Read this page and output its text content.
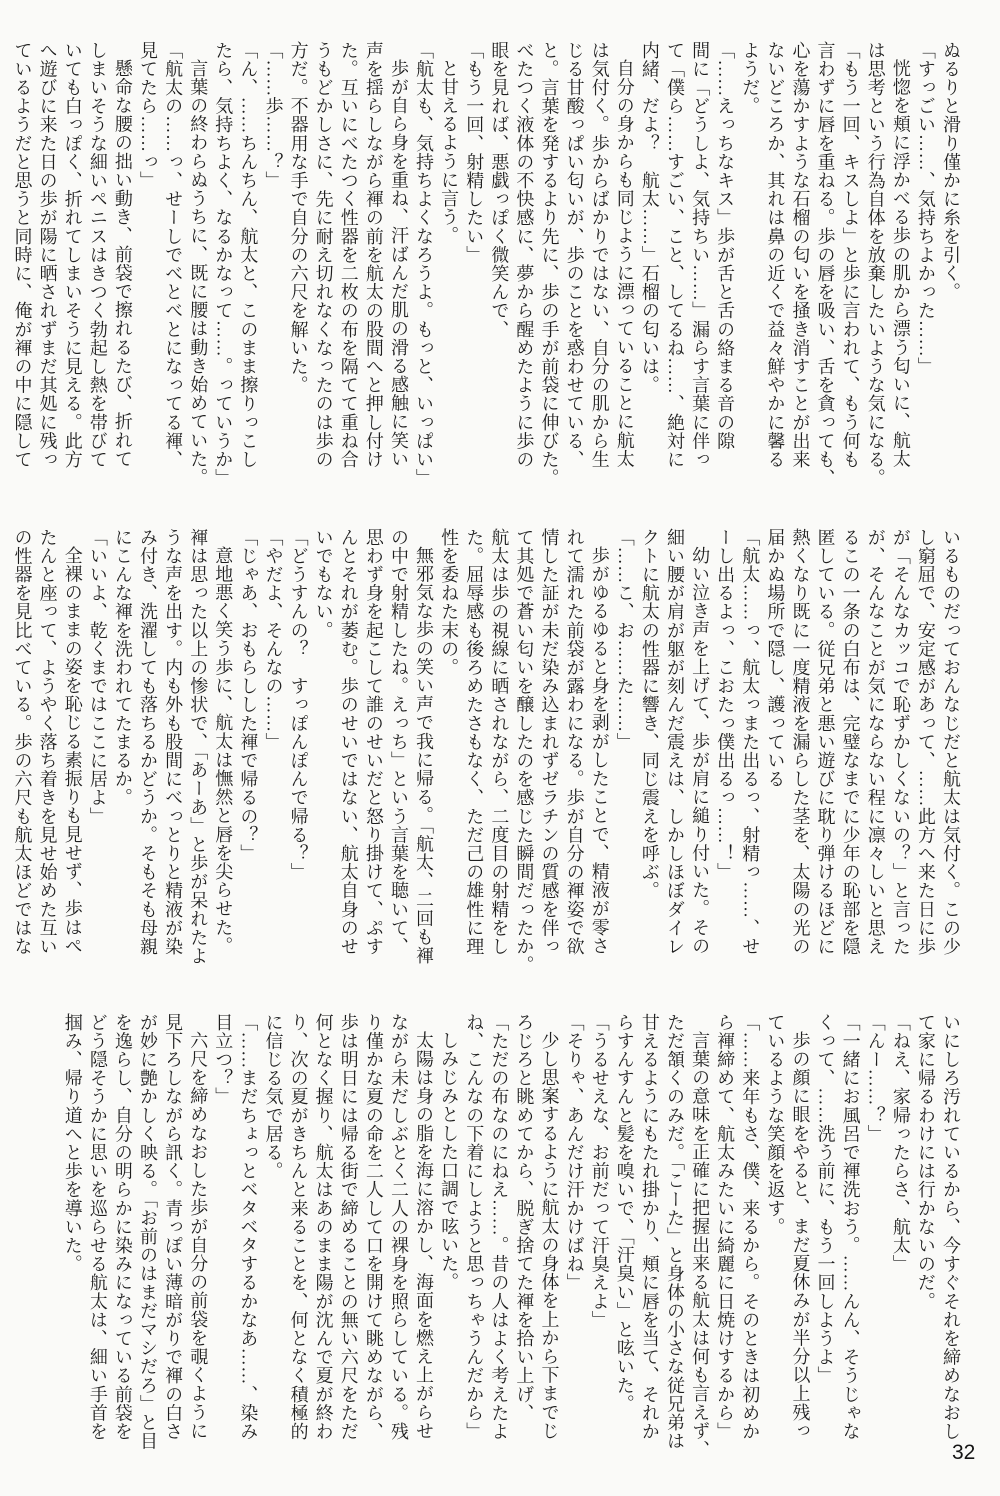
ぬるりと滑り僅かに糸を引く。

「すっごい……、気持ちよかった……」

恍惚を頬に浮かべる歩の肌から漂う匂いに、航太

は思考という行為自体を放棄したいような気になる。

「もう一回、キスしよ」と歩に言われて、もう何も

言わずに唇を重ねる。歩の唇を吸い、舌を貪っても、

心を蕩かすような石榴の匂いを掻き消すことが出来

ないどころか、其れは鼻の近くで益々鮮やかに馨る

ようだ。

「……えっちなキス」歩が舌と舌の絡まる音の隙

間に「どうしよ、気持ちい……」漏らす言葉に伴っ

て「僕ら……すごい、こと、してるね……、絶対に

内緒、だよ？　航太……」石榴の匂いは。

自分の身からも同じように漂っていることに航太

は気付く。歩からばかりではない、自分の肌から生

じる甘酸っぱい匂いが、歩のことを惑わせている、

と。言葉を発するより先に、歩の手が前袋に伸びた。

べたつく液体の不快感に、夢から醒めたように歩の

眼を見れば、悪戯っぽく微笑んで、

「もう一回、射精したい」

と甘えるように言う。

「航太も、気持ちよくなろうよ。もっと、いっぱい」

歩が自ら身を重ね、汗ばんだ肌の滑る感触に笑い

声を揺らしながら褌の前を航太の股間へと押し付け

た。互いにべたつく性器を二枚の布を隔てて重ね合

うもどかしさに、先に耐え切れなくなったのは歩の

方だ。不器用な手で自分の六尺を解いた。

「……歩……？」

「ん、……ちんちん、航太と、このまま擦りっこし

たら、気持ちよく、なるかなって……。っていうか」

言葉の終わらぬうちに、既に腰は動き始めていた。

「航太の……っ、せーしでべとべとになってる褌、

見てたら……っ」

懸命な腰の拙い動き、前袋で擦れるたび、折れて

しまいそうな細いペニスはきつく勃起し熱を帯びて

いても白っぽく、折れてしまいそうに見える。此方

へ遊びに来た日の歩が陽に晒されずまだ其処に残っ

ているようだと思うと同時に、俺が褌の中に隠して

いるものだっておんなじだと航太は気付く。この少

し窮屈で、安定感があって、……此方へ来た日に歩

が「そんなカッコで恥ずかしくないの？」と言った

が、そんなことが気にならない程に凛々しいと思え

るこの一条の白布は、完璧なまでに少年の恥部を隠

匿している。従兄弟と悪い遊びに耽り弾けるほどに

熱くなり既に一度精液を漏らした茎を、太陽の光の

届かぬ場所で隠し、護っている

「航太……っ、航太っまた出るっ、射精っ……、せ

ーし出るよっ、こおたっ僕出るっ……！」

幼い泣き声を上げて、歩が肩に縋り付いた。その

細い腰が肩が躯が刻んだ震えは、しかしほぼダイレ

クトに航太の性器に響き、同じ震えを呼ぶ。

「……こ、お……た……」

歩がゆるゆると身を剥がしたことで、精液が零さ

れて濡れた前袋が露わになる。歩が自分の褌姿で欲

情した証が未だ染み込まれずゼラチンの質感を伴っ

て其処で蒼い匂いを醸したのを感じた瞬間だったか。

航太は歩の視線に晒されながら、二度目の射精をし

た。屈辱感も後ろめたさもなく、ただ己の雄性に理

性を委ねた末の。

無邪気な歩の笑い声で我に帰る。「航太、二回も褌

の中で射精したね。えっち」という言葉を聴いて、

思わず身を起こして誰のせいだと怒り掛けて、ぷす

んとそれが萎む。歩のせいではない、航太自身のせ

いでもない。

「どうすんの？　すっぽんぽんで帰る？」

「やだよ、そんなの……」

「じゃあ、おもらしした褌で帰るの？」

意地悪く笑う歩に、航太は憮然と唇を尖らせた。

褌は思った以上の惨状で、「あーあ」と歩が呆れたよ

うな声を出す。内も外も股間にべっとりと精液が染

み付き、洗濯しても落ちるかどうか。そもそも母親

にこんな褌を洗われてたまるか。

「いいよ、乾くまではここに居よ」

全裸のままの姿を恥じる素振りも見せず、歩はぺ

たんと座って、ようやく落ち着きを見せ始めた互い

の性器を見比べている。歩の六尺も航太ほどではな

いにしろ汚れているから、今すぐそれを締めなおし

て家に帰るわけには行かないのだ。

「ねえ、家帰ったらさ、航太」

「んー……？」

「一緒にお風呂で褌洗おう。……んん、そうじゃな

くって、……洗う前に、もう一回しようよ」

歩の顔に眼をやると、まだ夏休みが半分以上残っ

ているような笑顔を返す。

「……来年もさ、僕、来るから。そのときは初めか

ら褌締めて、航太みたいに綺麗に日焼けするから」

言葉の意味を正確に把握出来る航太は何も言えず、

ただ頷くのみだ。「こーた」と身体の小さな従兄弟は

甘えるようにもたれ掛かり、頬に唇を当て、それか

らすんすんと髪を嗅いで、「汗臭い」と呟いた。

「うるせえな、お前だって汗臭えよ」

「そりゃ、あんだけ汗かけばね」

少し思案するように航太の身体を上から下までじ

ろじろと眺めてから、脱ぎ捨てた褌を拾い上げ、

「ただの布なのにねえ……。昔の人はよく考えたよ

ね、こんなの下着にしようと思っちゃうんだから」

しみじみとした口調で呟いた。

太陽は身の脂を海に溶かし、海面を燃え上がらせ

ながら未だしぶとく二人の裸身を照らしている。残

り僅かな夏の命を二人して口を開けて眺めながら、

歩は明日には帰る街で締めることの無い六尺をただ

何となく握り、航太はあのまま陽が沈んで夏が終わ

り、次の夏がきちんと来ることを、何となく積極的

に信じる気で居る。

「……まだちょっとベタベタするかなあ……、染み

目立つ？」

六尺を締めなおした歩が自分の前袋を覗くように

見下ろしながら訊く。青っぽい薄暗がりで褌の白さ

が妙に艶かしく映る。「お前のはまだマシだろ」と目

を逸らし、自分の明らかに染みになっている前袋を

どう隠そうかに思いを巡らせる航太は、細い手首を

掴み、帰り道へと歩を導いた。

32
